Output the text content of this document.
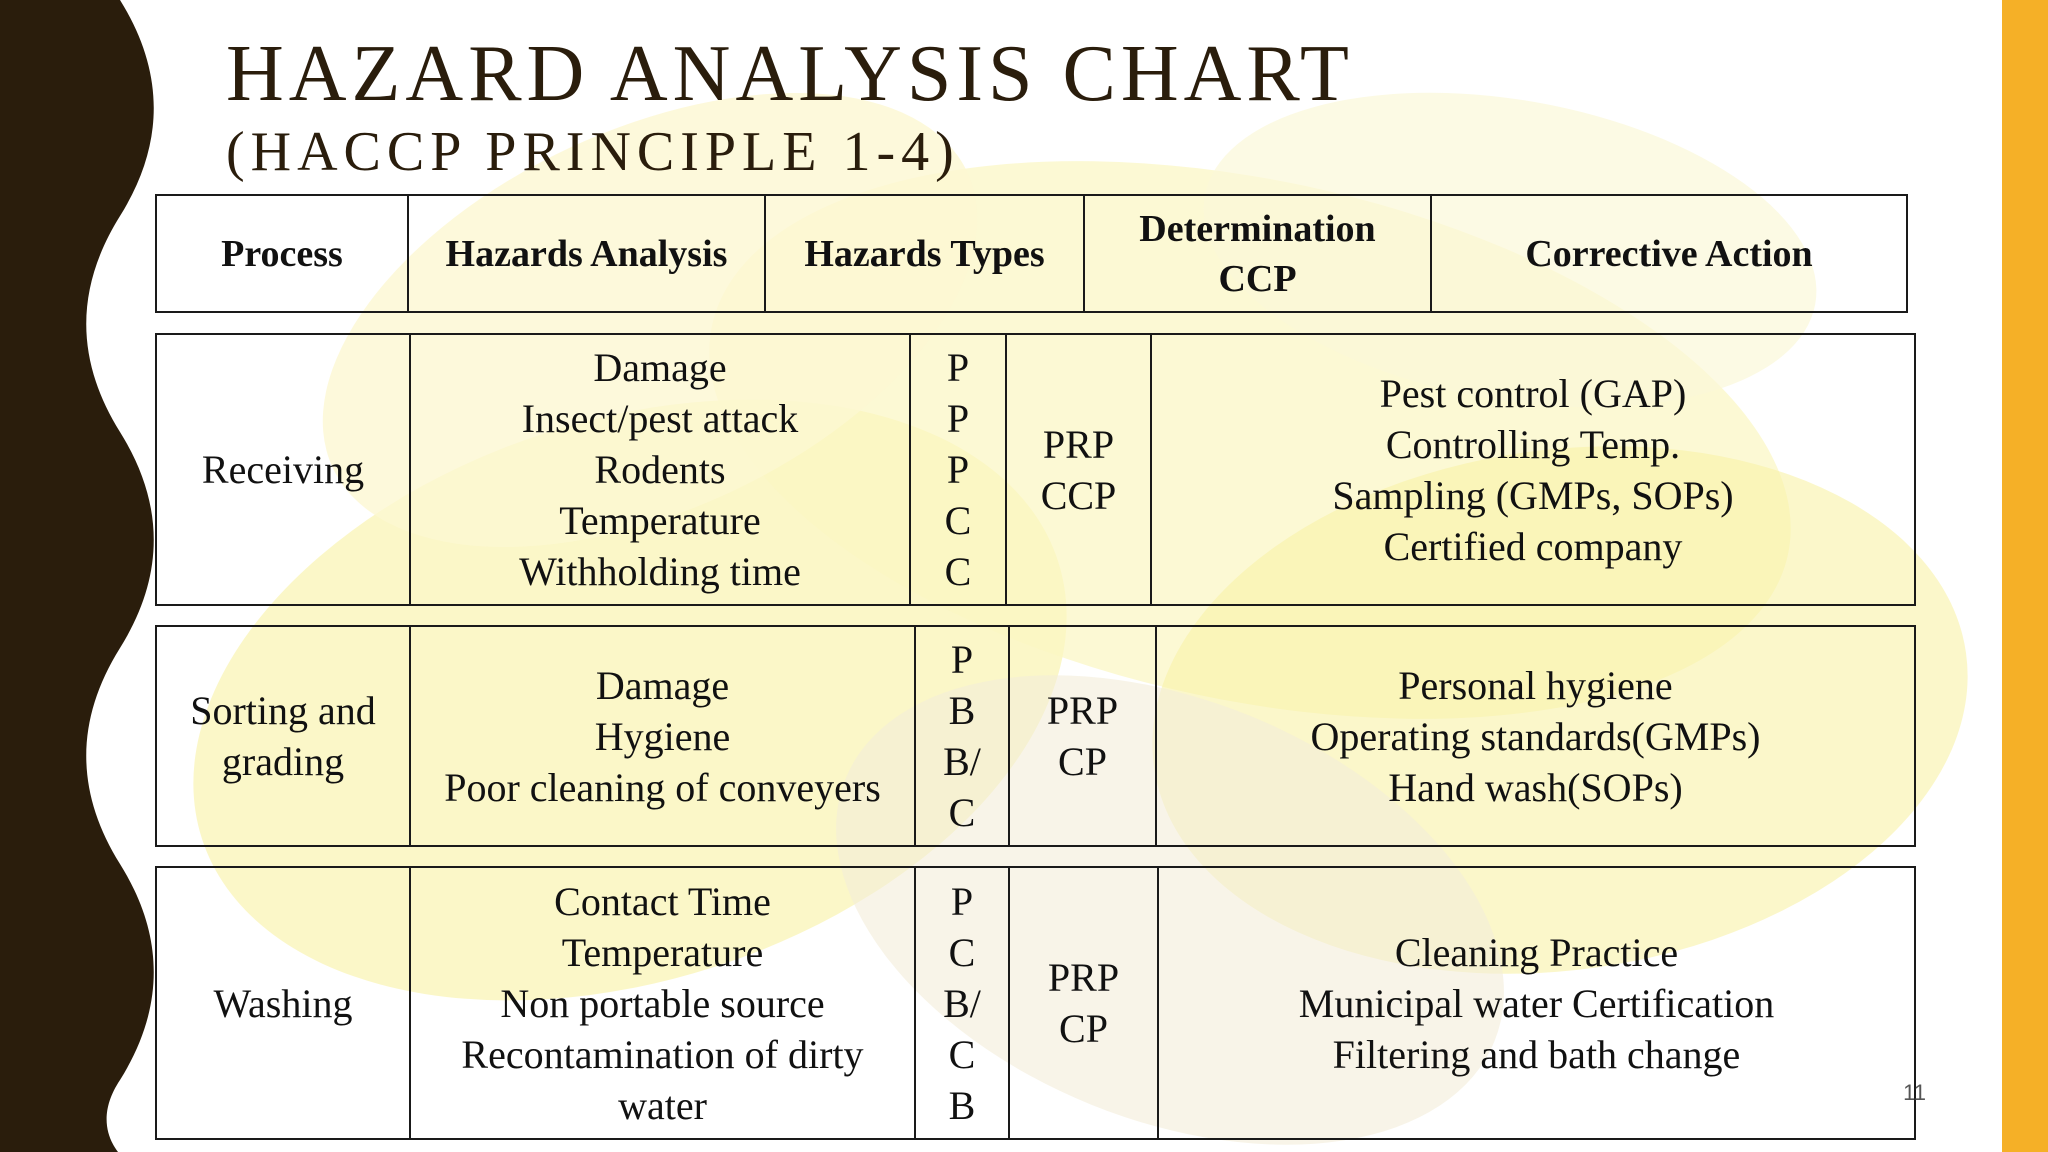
HAZARD ANALYSIS CHART
(HACCP PRINCIPLE 1-4)
Process	Hazards Analysis Hazards Types
Determination
CCP
Corrective Action
Receiving
Damage
Insect/pest attack
Rodents
Temperature
Withholding time
P
P
P
C
C
PRP
CCP
Pest control (GAP)
Controlling Temp.
Sampling (GMPs, SOPs)
Certified company
Sorting and
grading
Damage
Hygiene
Poor cleaning of conveyers
P
B
B/
C
PRP
CP
Personal hygiene
Operating standards(GMPs)
Hand wash(SOPs)
Washing
Contact Time
Temperature
Non portable source
Recontamination of dirty
water
P
C
B/
C
B
PRP
CP
Cleaning Practice
Municipal water Certification
Filtering and bath change
11
